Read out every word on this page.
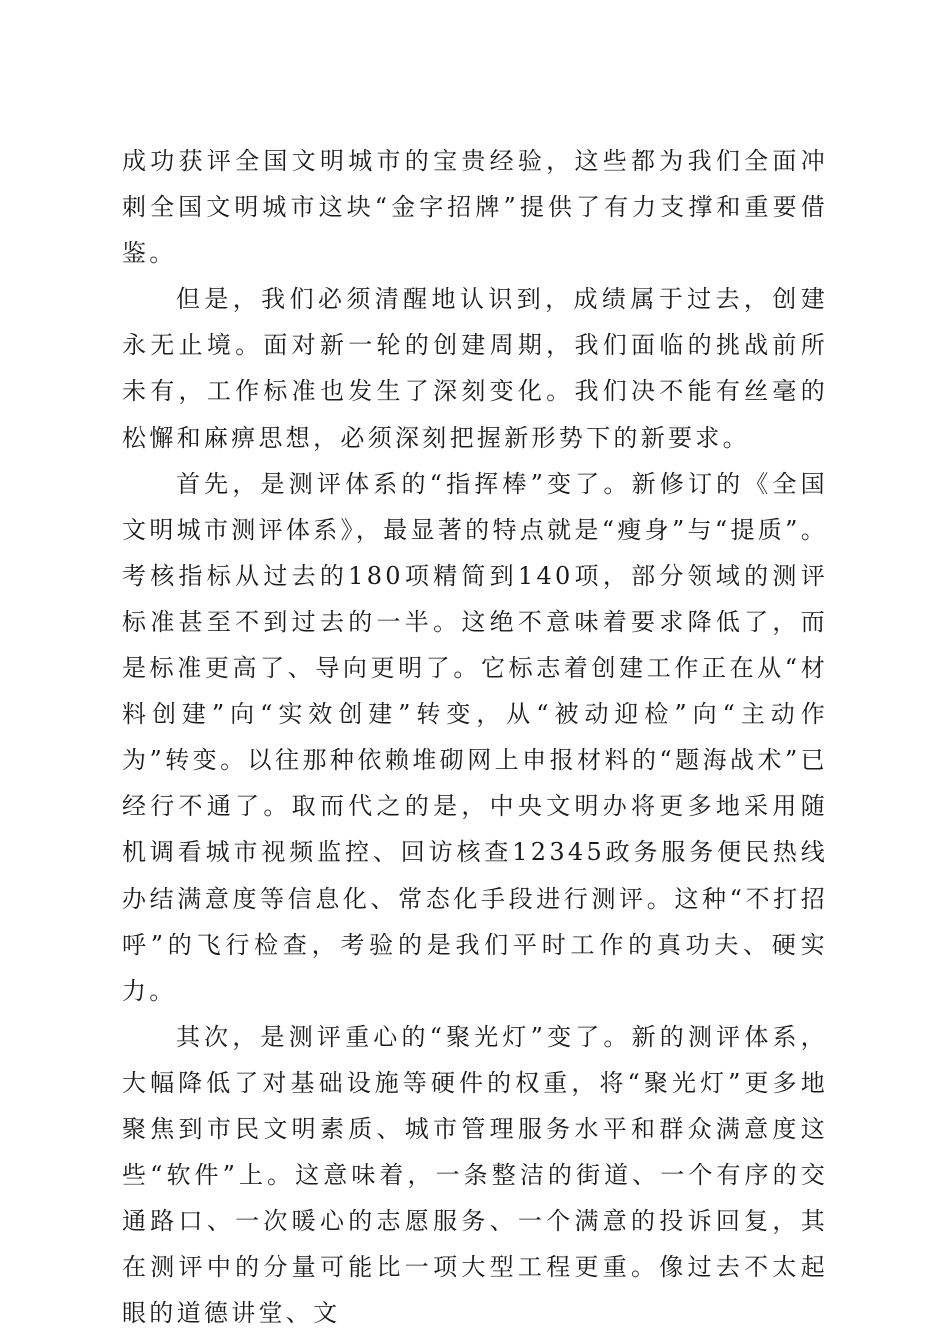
成功获评全国文明城市的宝贵经验，这些都为我们全面冲刺全国文明城市这块“金字招牌”提供了有力支撑和重要借鉴。

但是，我们必须清醒地认识到，成绩属于过去，创建永无止境。面对新一轮的创建周期，我们面临的挑战前所未有，工作标准也发生了深刻变化。我们决不能有丝毫的松懈和麻痹思想，必须深刻把握新形势下的新要求。

首先，是测评体系的“指挥棒”变了。新修订的《全国文明城市测评体系》，最显著的特点就是“瘦身”与“提质”。考核指标从过去的180项精简到140项，部分领域的测评标准甚至不到过去的一半。这绝不意味着要求降低了，而是标准更高了、导向更明了。它标志着创建工作正在从“材料创建”向“实效创建”转变，从“被动迎检”向“主动作为”转变。以往那种依赖堆砌网上申报材料的“题海战术”已经行不通了。取而代之的是，中央文明办将更多地采用随机调看城市视频监控、回访核查12345政务服务便民热线办结满意度等信息化、常态化手段进行测评。这种“不打招呼”的飞行检查，考验的是我们平时工作的真功夫、硬实力。

其次，是测评重心的“聚光灯”变了。新的测评体系，大幅降低了对基础设施等硬件的权重，将“聚光灯”更多地聚焦到市民文明素质、城市管理服务水平和群众满意度这些“软件”上。这意味着，一条整洁的街道、一个有序的交通路口、一次暖心的志愿服务、一个满意的投诉回复，其在测评中的分量可能比一项大型工程更重。像过去不太起眼的道德讲堂、文
